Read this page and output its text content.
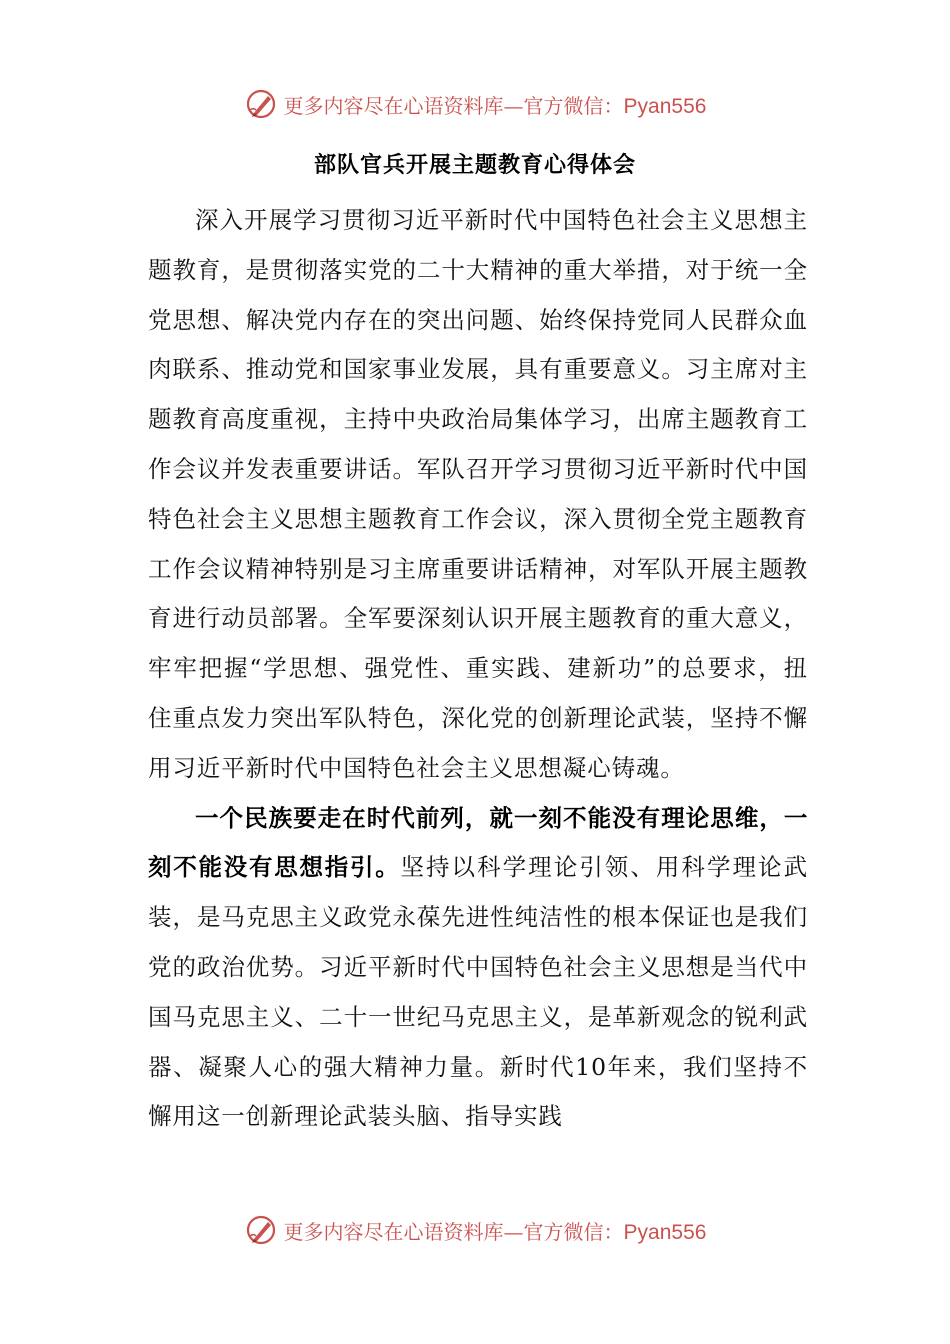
更多内容尽在心语资料库—官方微信：Pyan556
部队官兵开展主题教育心得体会

深入开展学习贯彻习近平新时代中国特色社会主义思想主题教育，是贯彻落实党的二十大精神的重大举措，对于统一全党思想、解决党内存在的突出问题、始终保持党同人民群众血肉联系、推动党和国家事业发展，具有重要意义。习主席对主题教育高度重视，主持中央政治局集体学习，出席主题教育工作会议并发表重要讲话。军队召开学习贯彻习近平新时代中国特色社会主义思想主题教育工作会议，深入贯彻全党主题教育工作会议精神特别是习主席重要讲话精神，对军队开展主题教育进行动员部署。全军要深刻认识开展主题教育的重大意义，牢牢把握“学思想、强党性、重实践、建新功”的总要求，扭住重点发力突出军队特色，深化党的创新理论武装，坚持不懈用习近平新时代中国特色社会主义思想凝心铸魂。

一个民族要走在时代前列，就一刻不能没有理论思维，一刻不能没有思想指引。坚持以科学理论引领、用科学理论武装，是马克思主义政党永葆先进性纯洁性的根本保证也是我们党的政治优势。习近平新时代中国特色社会主义思想是当代中国马克思主义、二十一世纪马克思主义，是革新观念的锐利武器、凝聚人心的强大精神力量。新时代10年来，我们坚持不懈用这一创新理论武装头脑、指导实践

更多内容尽在心语资料库—官方微信：Pyan556
